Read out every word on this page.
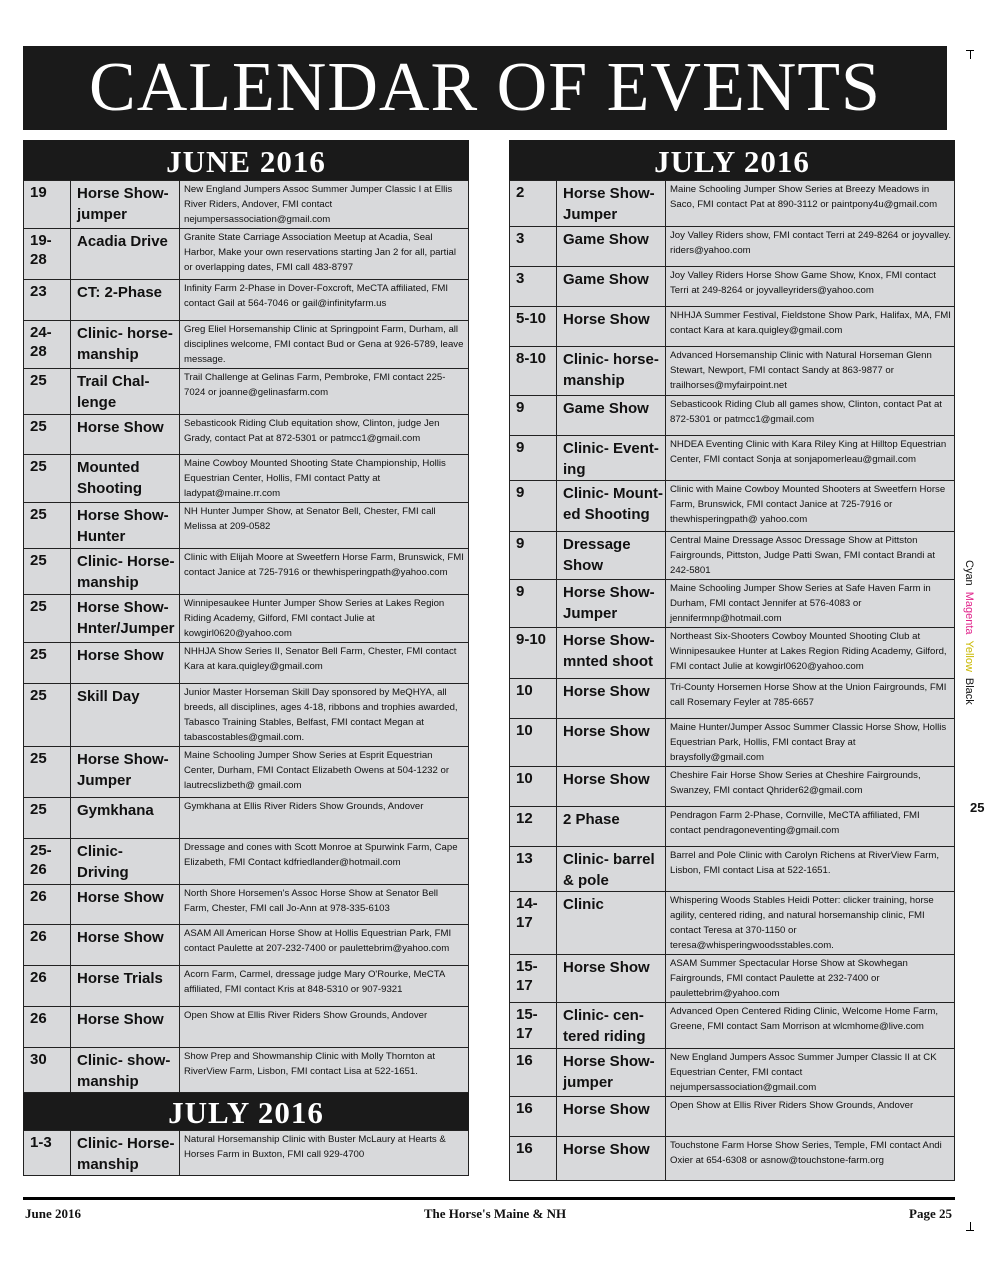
CALENDAR OF EVENTS
JUNE 2016
19	Horse Show- jumper	New England Jumpers Assoc Summer Jumper Classic I at Ellis River Riders, Andover, FMI contact nejumpersassociation@gmail.com
19- 28	Acadia Drive	Granite State Carriage Association Meetup at Acadia, Seal Harbor, Make your own reservations starting Jan 2 for all, partial or overlapping dates, FMI call 483-8797
23	CT: 2-Phase	Infinity Farm 2-Phase in Dover-Foxcroft, MeCTA affiliated, FMI contact Gail at 564-7046 or gail@infinityfarm.us
24- 28	Clinic- horse- manship	Greg Eliel Horsemanship Clinic at Springpoint Farm, Durham, all disciplines welcome, FMI contact Bud or Gena at 926-5789, leave message.
25	Trail Chal- lenge	Trail Challenge at Gelinas Farm, Pembroke, FMI contact 225-7024 or joanne@gelinasfarm.com
25	Horse Show	Sebasticook Riding Club equitation show, Clinton, judge Jen Grady, contact Pat at 872-5301 or patmcc1@gmail.com
25	Mounted Shooting	Maine Cowboy Mounted Shooting State Championship, Hollis Equestrian Center, Hollis, FMI contact Patty at ladypat@maine.rr.com
25	Horse Show- Hunter	NH Hunter Jumper Show, at Senator Bell, Chester, FMI call Melissa at 209-0582
25	Clinic- Horse- manship	Clinic with Elijah Moore at Sweetfern Horse Farm, Brunswick, FMI contact Janice at 725-7916 or thewhisperingpath@yahoo.com
25	Horse Show- Hnter/Jumper	Winnipesaukee Hunter Jumper Show Series at Lakes Region Riding Academy, Gilford, FMI contact Julie at kowgirl0620@yahoo.com
25	Horse Show	NHHJA Show Series II, Senator Bell Farm, Chester, FMI contact Kara at kara.quigley@gmail.com
25	Skill Day	Junior Master Horseman Skill Day sponsored by MeQHYA, all breeds, all disciplines, ages 4-18, ribbons and trophies awarded, Tabasco Training Stables, Belfast, FMI contact Megan at tabascostables@gmail.com.
25	Horse Show- Jumper	Maine Schooling Jumper Show Series at Esprit Equestrian Center, Durham, FMI Contact Elizabeth Owens at 504-1232 or lautrecslizbeth@ gmail.com
25	Gymkhana	Gymkhana at Ellis River Riders Show Grounds, Andover
25- 26	Clinic- Driving	Dressage and cones with Scott Monroe at Spurwink Farm, Cape Elizabeth, FMI Contact kdfriedlander@hotmail.com
26	Horse Show	North Shore Horsemen's Assoc Horse Show at Senator Bell Farm, Chester, FMI call Jo-Ann at 978-335-6103
26	Horse Show	ASAM All American Horse Show at Hollis Equestrian Park, FMI contact Paulette at 207-232-7400 or paulettebrim@yahoo.com
26	Horse Trials	Acorn Farm, Carmel, dressage judge Mary O'Rourke, MeCTA affiliated, FMI contact Kris at 848-5310 or 907-9321
26	Horse Show	Open Show at Ellis River Riders Show Grounds, Andover
30	Clinic- show- manship	Show Prep and Showmanship Clinic with Molly Thornton at RiverView Farm, Lisbon, FMI contact Lisa at 522-1651.
JULY 2016
1-3	Clinic- Horse- manship	Natural Horsemanship Clinic with Buster McLaury at Hearts & Horses Farm in Buxton, FMI call 929-4700
JULY 2016
2	Horse Show- Jumper	Maine Schooling Jumper Show Series at Breezy Meadows in Saco, FMI contact Pat at 890-3112 or paintpony4u@gmail.com
3	Game Show	Joy Valley Riders show, FMI contact Terri at 249-8264 or joyvalley. riders@yahoo.com
3	Game Show	Joy Valley Riders Horse Show Game Show, Knox, FMI contact Terri at 249-8264 or joyvalleyriders@yahoo.com
5-10	Horse Show	NHHJA Summer Festival, Fieldstone Show Park, Halifax, MA, FMI contact Kara at kara.quigley@gmail.com
8-10	Clinic- horse- manship	Advanced Horsemanship Clinic with Natural Horseman Glenn Stewart, Newport, FMI contact Sandy at 863-9877 or trailhorses@myfairpoint.net
9	Game Show	Sebasticook Riding Club all games show, Clinton, contact Pat at 872-5301 or patmcc1@gmail.com
9	Clinic- Event- ing	NHDEA Eventing Clinic with Kara Riley King at Hilltop Equestrian Center, FMI contact Sonja at sonjapomerleau@gmail.com
9	Clinic- Mount- ed Shooting	Clinic with Maine Cowboy Mounted Shooters at Sweetfern Horse Farm, Brunswick, FMI contact Janice at 725-7916 or thewhisperingpath@ yahoo.com
9	Dressage Show	Central Maine Dressage Assoc Dressage Show at Pittston Fairgrounds, Pittston, Judge Patti Swan, FMI contact Brandi at 242-5801
9	Horse Show- Jumper	Maine Schooling Jumper Show Series at Safe Haven Farm in Durham, FMI contact Jennifer at 576-4083 or jennifermnp@hotmail.com
9-10	Horse Show- mnted shoot	Northeast Six-Shooters Cowboy Mounted Shooting Club at Winnipesaukee Hunter at Lakes Region Riding Academy, Gilford, FMI contact Julie at kowgirl0620@yahoo.com
10	Horse Show	Tri-County Horsemen Horse Show at the Union Fairgrounds, FMI call Rosemary Feyler at 785-6657
10	Horse Show	Maine Hunter/Jumper Assoc Summer Classic Horse Show, Hollis Equestrian Park, Hollis, FMI contact Bray at braysfolly@gmail.com
10	Horse Show	Cheshire Fair Horse Show Series at Cheshire Fairgrounds, Swanzey, FMI contact Qhrider62@gmail.com
12	2 Phase	Pendragon Farm 2-Phase, Cornville, MeCTA affiliated, FMI contact pendragoneventing@gmail.com
13	Clinic- barrel & pole	Barrel and Pole Clinic with Carolyn Richens at RiverView Farm, Lisbon, FMI contact Lisa at 522-1651.
14- 17	Clinic	Whispering Woods Stables Heidi Potter: clicker training, horse agility, centered riding, and natural horsemanship clinic, FMI contact Teresa at 370-1150 or teresa@whisperingwoodsstables.com.
15- 17	Horse Show	ASAM Summer Spectacular Horse Show at Skowhegan Fairgrounds, FMI contact Paulette at 232-7400 or paulettebrim@yahoo.com
15- 17	Clinic- cen- tered riding	Advanced Open Centered Riding Clinic, Welcome Home Farm, Greene, FMI contact Sam Morrison at wlcmhome@live.com
16	Horse Show- jumper	New England Jumpers Assoc Summer Jumper Classic II at CK Equestrian Center, FMI contact nejumpersassociation@gmail.com
16	Horse Show	Open Show at Ellis River Riders Show Grounds, Andover
16	Horse Show	Touchstone Farm Horse Show Series, Temple, FMI contact Andi Oxier at 654-6308 or asnow@touchstone-farm.org
CyanMagentaYellowBlack
25
June 2016	The Horse's Maine & NH	Page 25
